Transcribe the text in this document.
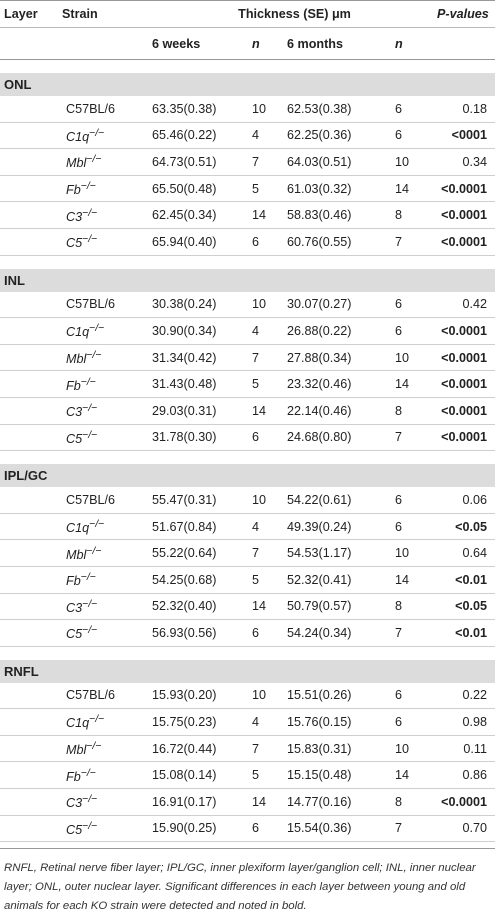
Layer	Strain	Thickness (SE) μm				P-values
		6 weeks	n	6 months	n	

ONL						
	C57BL/6	63.35(0.38)	10	62.53(0.38)	6	0.18
	C1q−/−	65.46(0.22)	4	62.25(0.36)	6	<0001
	Mbl−/−	64.73(0.51)	7	64.03(0.51)	10	0.34
	Fb−/−	65.50(0.48)	5	61.03(0.32)	14	<0.0001
	C3−/−	62.45(0.34)	14	58.83(0.46)	8	<0.0001
	C5−/−	65.94(0.40)	6	60.76(0.55)	7	<0.0001

INL						
	C57BL/6	30.38(0.24)	10	30.07(0.27)	6	0.42
	C1q−/−	30.90(0.34)	4	26.88(0.22)	6	<0.0001
	Mbl−/−	31.34(0.42)	7	27.88(0.34)	10	<0.0001
	Fb−/−	31.43(0.48)	5	23.32(0.46)	14	<0.0001
	C3−/−	29.03(0.31)	14	22.14(0.46)	8	<0.0001
	C5−/−	31.78(0.30)	6	24.68(0.80)	7	<0.0001

IPL/GC						
	C57BL/6	55.47(0.31)	10	54.22(0.61)	6	0.06
	C1q−/−	51.67(0.84)	4	49.39(0.24)	6	<0.05
	Mbl−/−	55.22(0.64)	7	54.53(1.17)	10	0.64
	Fb−/−	54.25(0.68)	5	52.32(0.41)	14	<0.01
	C3−/−	52.32(0.40)	14	50.79(0.57)	8	<0.05
	C5−/−	56.93(0.56)	6	54.24(0.34)	7	<0.01

RNFL						
	C57BL/6	15.93(0.20)	10	15.51(0.26)	6	0.22
	C1q−/−	15.75(0.23)	4	15.76(0.15)	6	0.98
	Mbl−/−	16.72(0.44)	7	15.83(0.31)	10	0.11
	Fb−/−	15.08(0.14)	5	15.15(0.48)	14	0.86
	C3−/−	16.91(0.17)	14	14.77(0.16)	8	<0.0001
	C5−/−	15.90(0.25)	6	15.54(0.36)	7	0.70
RNFL, Retinal nerve fiber layer; IPL/GC, inner plexiform layer/ganglion cell; INL, inner nuclear layer; ONL, outer nuclear layer. Significant differences in each layer between young and old animals for each KO strain were detected and noted in bold.
